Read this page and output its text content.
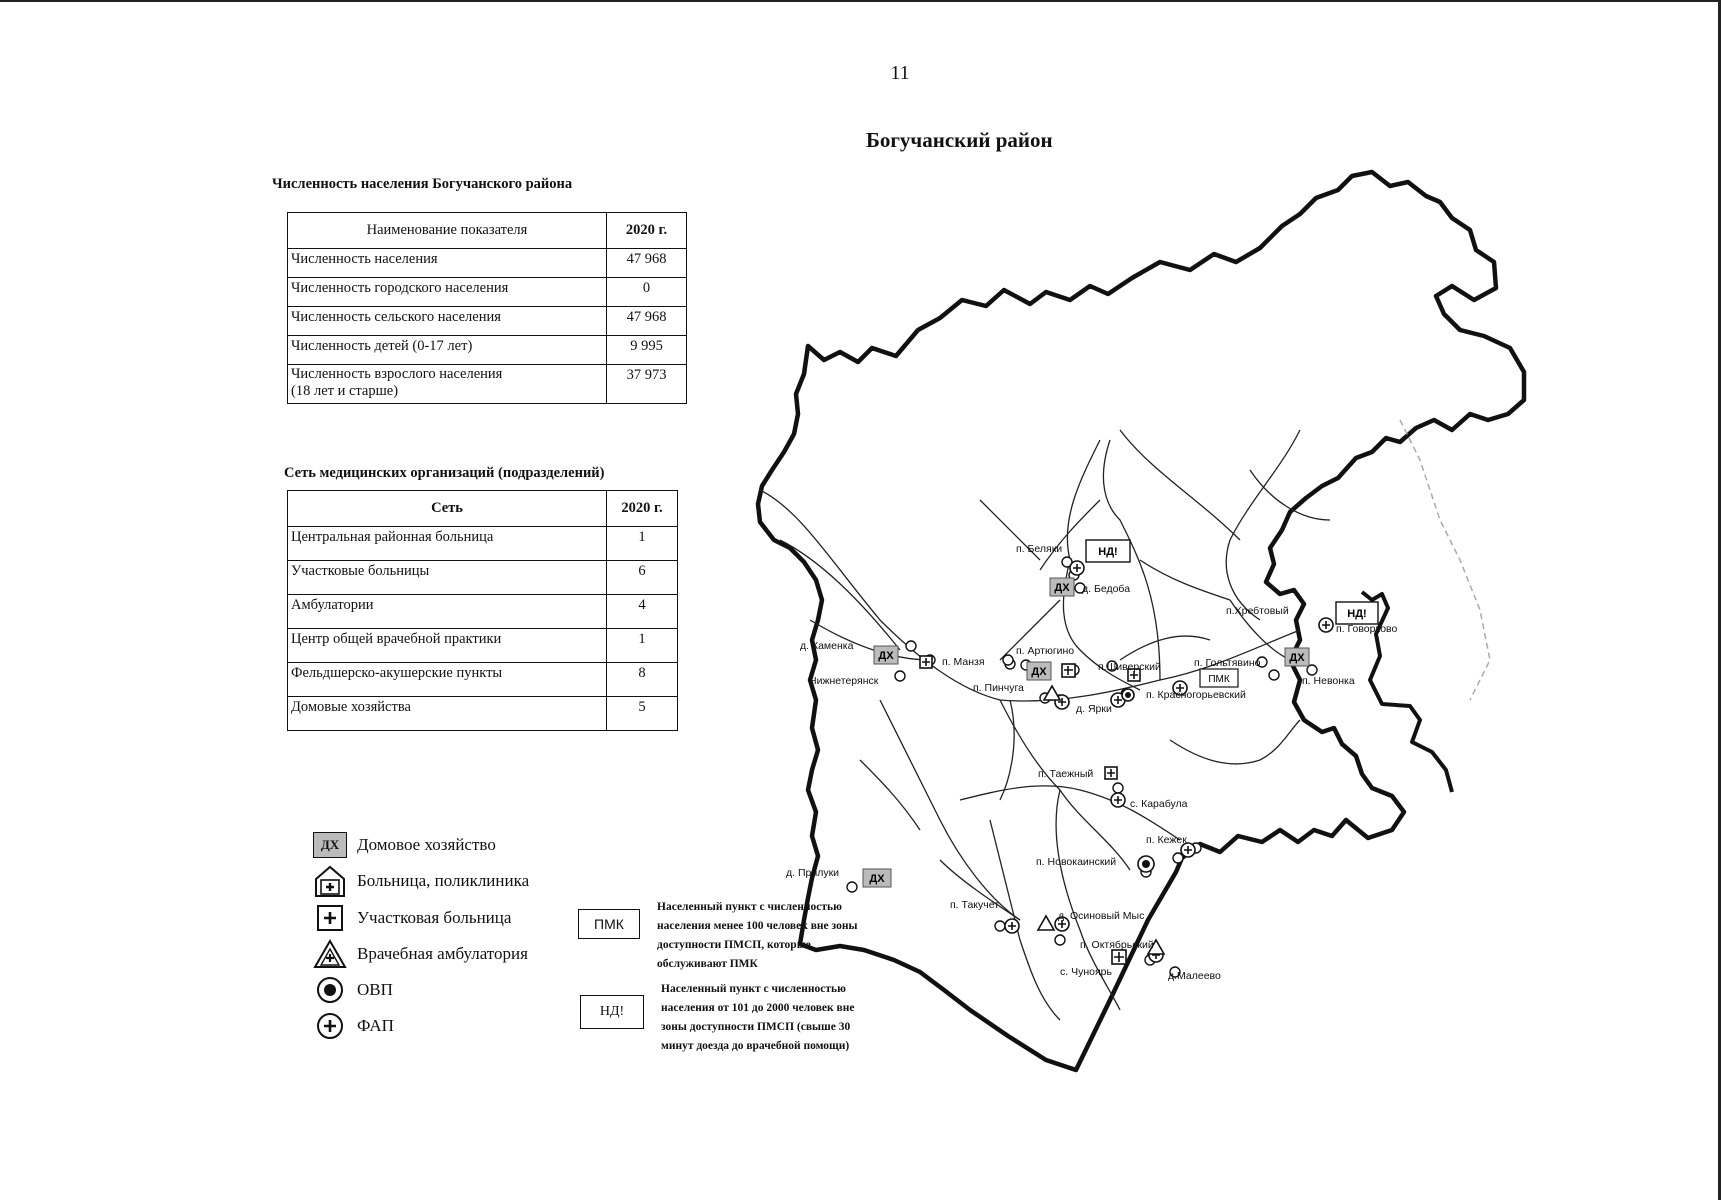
11
Богучанский район
Численность населения Богучанского района
Наименование показателя	2020 г.
Численность населения	47 968
Численность городского населения	0
Численность сельского населения	47 968
Численность детей (0-17 лет)	9 995

Численность взрослого населения
(18 лет и старше)	37 973
Сеть медицинских организаций (подразделений)
Сеть	2020 г.
Центральная районная больница	1
Участковые больницы	6
Амбулатории	4
Центр общей врачебной практики	1
Фельдшерско-акушерские пункты	8
Домовые хозяйства	5
ДХ	Домовое хозяйство
Больница, поликлиника
Участковая больница
Врачебная амбулатория
ОВП
ФАП
ПМК
Населенный пункт с численностью
населения менее 100 человек вне зоны
доступности ПМСП, которые
обслуживают ПМК
НД!
Населенный пункт с численностью
населения от 101 до 2000 человек вне
зоны доступности ПМСП (свыше 30
минут доезда до врачебной помощи)
ДХ
ДХ
ДХ
ДХ
ДХ
НД!
НД!
ПМК
п. Беляки
д. Бедоба
п.Хребтовый
п. Говорково
д. Каменка
п. Манзя
п. Артюгино
п.Шиверский	п. Гольтявино
Нижнетерянск
п. Пинчуга
п. Красногорьевский
п. Невонка
д. Ярки
п. Таежный
с. Карабула
п. Кежек
п. Новокаинский
д. Прилуки
п. Такучет
д. Осиновый Мыс
п. Октябрьский
с. Чуноярь	д.Малеево
